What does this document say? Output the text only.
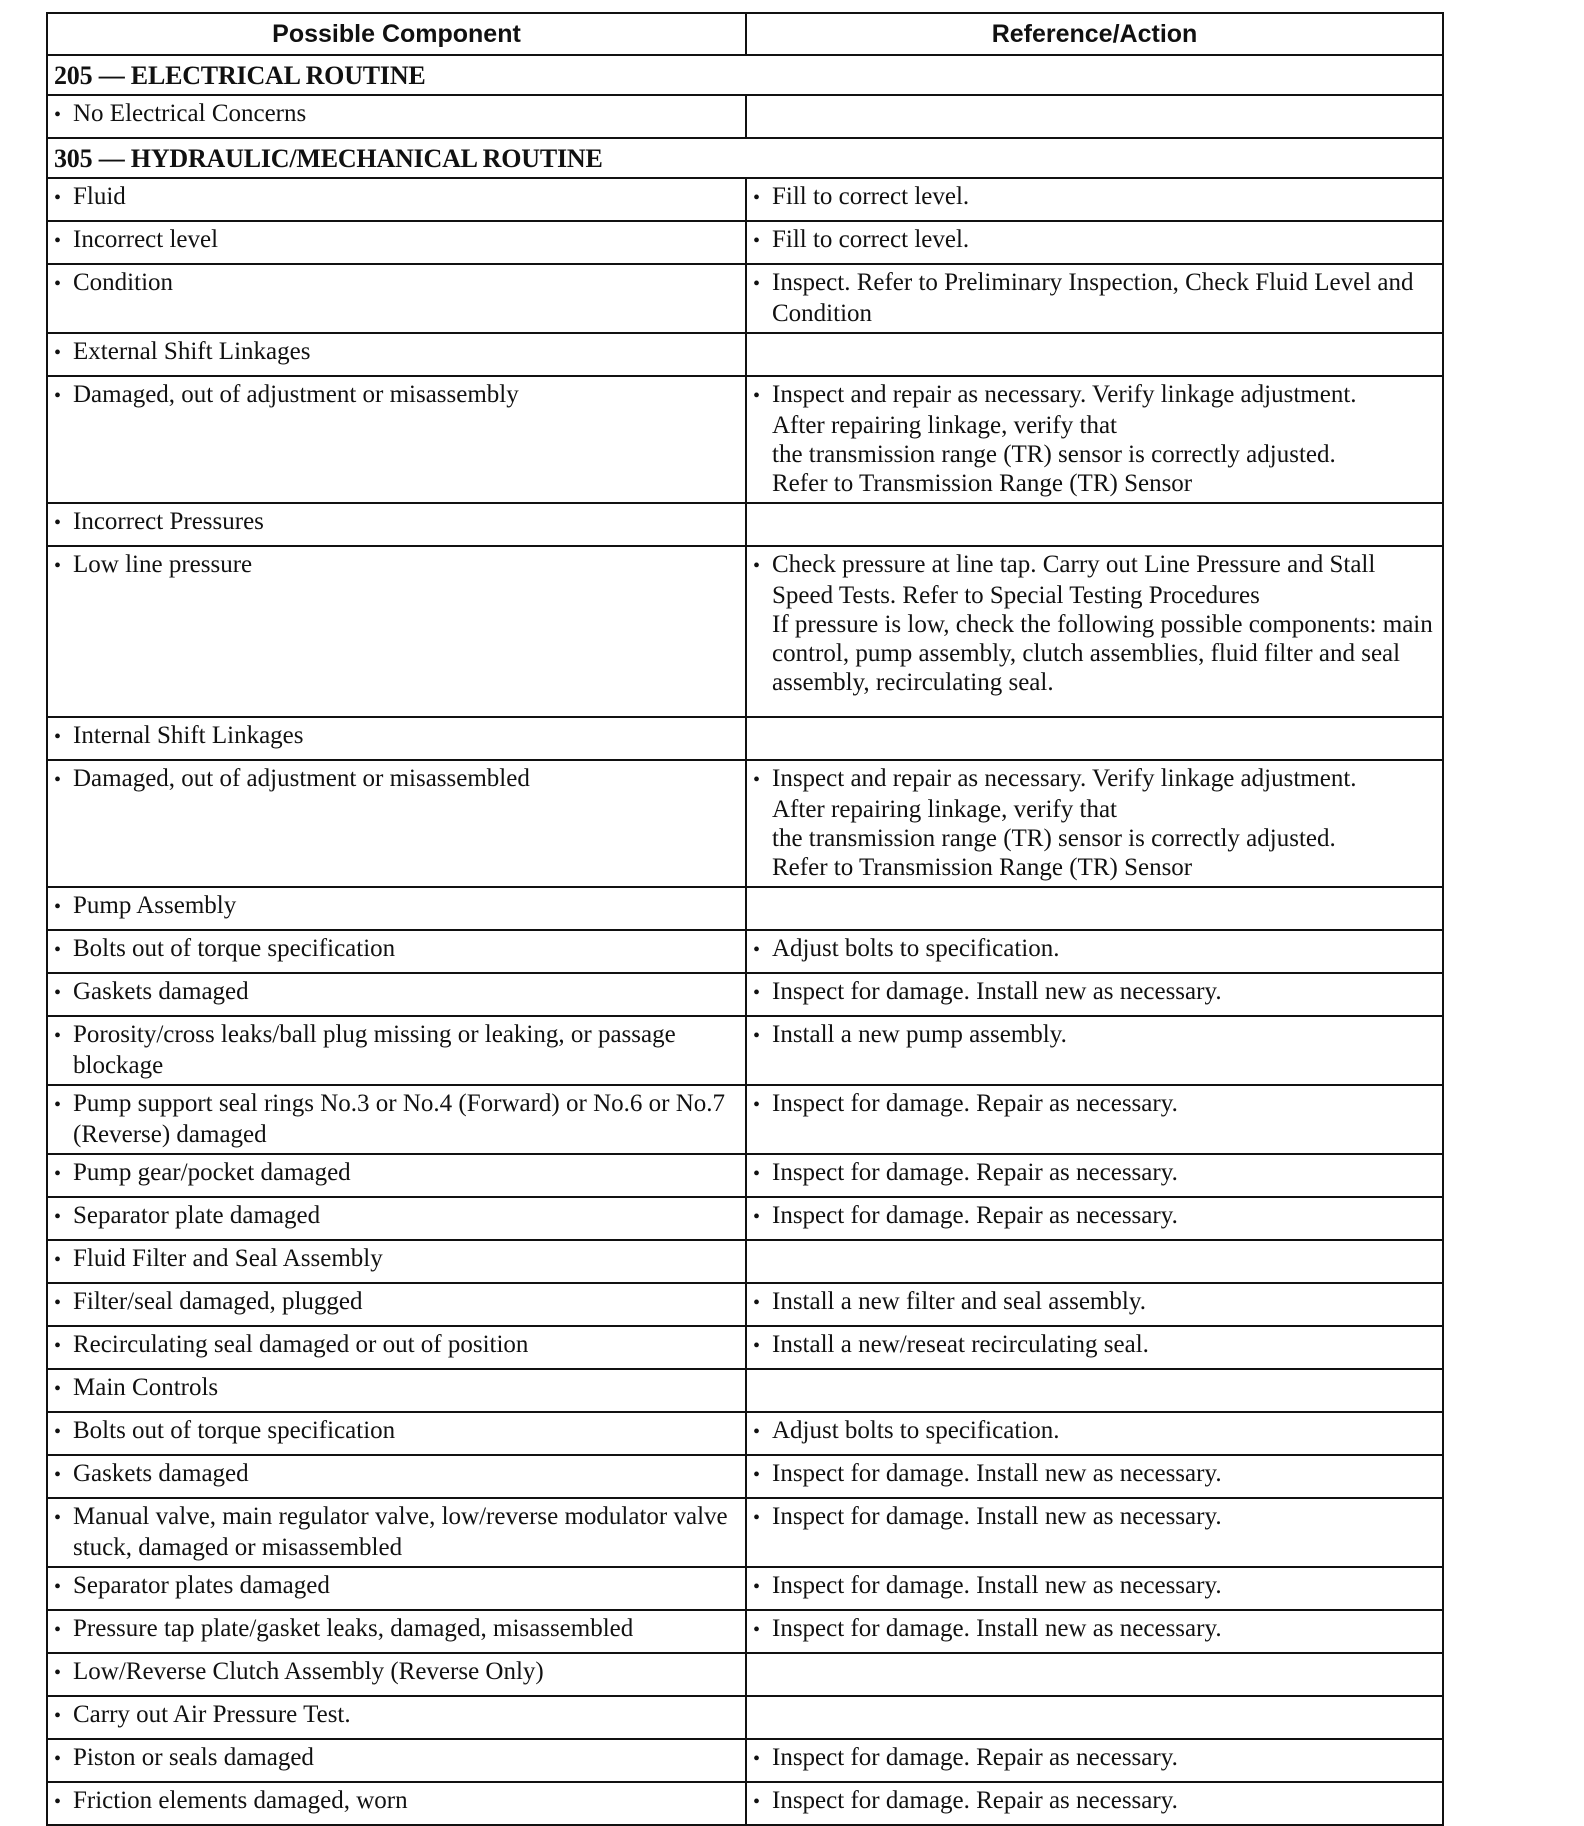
Possible Component	Reference/Action
205 — ELECTRICAL ROUTINE	

• No Electrical Concerns	

305 — HYDRAULIC/MECHANICAL ROUTINE	

• Fluid	• Fill to correct level.

• Incorrect level	• Fill to correct level.

• Condition	• Inspect. Refer to Preliminary Inspection, Check Fluid Level and Condition

• External Shift Linkages	

• Damaged, out of adjustment or misassembly	• Inspect and repair as necessary. Verify linkage adjustment.
After repairing linkage, verify that
the transmission range (TR) sensor is correctly adjusted.
Refer to Transmission Range (TR) Sensor

• Incorrect Pressures	

• Low line pressure	• Check pressure at line tap. Carry out Line Pressure and Stall Speed Tests. Refer to Special Testing Procedures
If pressure is low, check the following possible components: main control, pump assembly, clutch assemblies, fluid filter and seal assembly, recirculating seal.

• Internal Shift Linkages	

• Damaged, out of adjustment or misassembled	• Inspect and repair as necessary. Verify linkage adjustment.
After repairing linkage, verify that
the transmission range (TR) sensor is correctly adjusted.
Refer to Transmission Range (TR) Sensor

• Pump Assembly	

• Bolts out of torque specification	• Adjust bolts to specification.

• Gaskets damaged	• Inspect for damage. Install new as necessary.

• Porosity/cross leaks/ball plug missing or leaking, or passage blockage	• Install a new pump assembly.

• Pump support seal rings No.3 or No.4 (Forward) or No.6 or No.7 (Reverse) damaged	• Inspect for damage. Repair as necessary.

• Pump gear/pocket damaged	• Inspect for damage. Repair as necessary.

• Separator plate damaged	• Inspect for damage. Repair as necessary.

• Fluid Filter and Seal Assembly	

• Filter/seal damaged, plugged	• Install a new filter and seal assembly.

• Recirculating seal damaged or out of position	• Install a new/reseat recirculating seal.

• Main Controls	

• Bolts out of torque specification	• Adjust bolts to specification.

• Gaskets damaged	• Inspect for damage. Install new as necessary.

• Manual valve, main regulator valve, low/reverse modulator valve stuck, damaged or misassembled	• Inspect for damage. Install new as necessary.

• Separator plates damaged	• Inspect for damage. Install new as necessary.

• Pressure tap plate/gasket leaks, damaged, misassembled	• Inspect for damage. Install new as necessary.

• Low/Reverse Clutch Assembly (Reverse Only)	

• Carry out Air Pressure Test.	

• Piston or seals damaged	• Inspect for damage. Repair as necessary.

• Friction elements damaged, worn	• Inspect for damage. Repair as necessary.
